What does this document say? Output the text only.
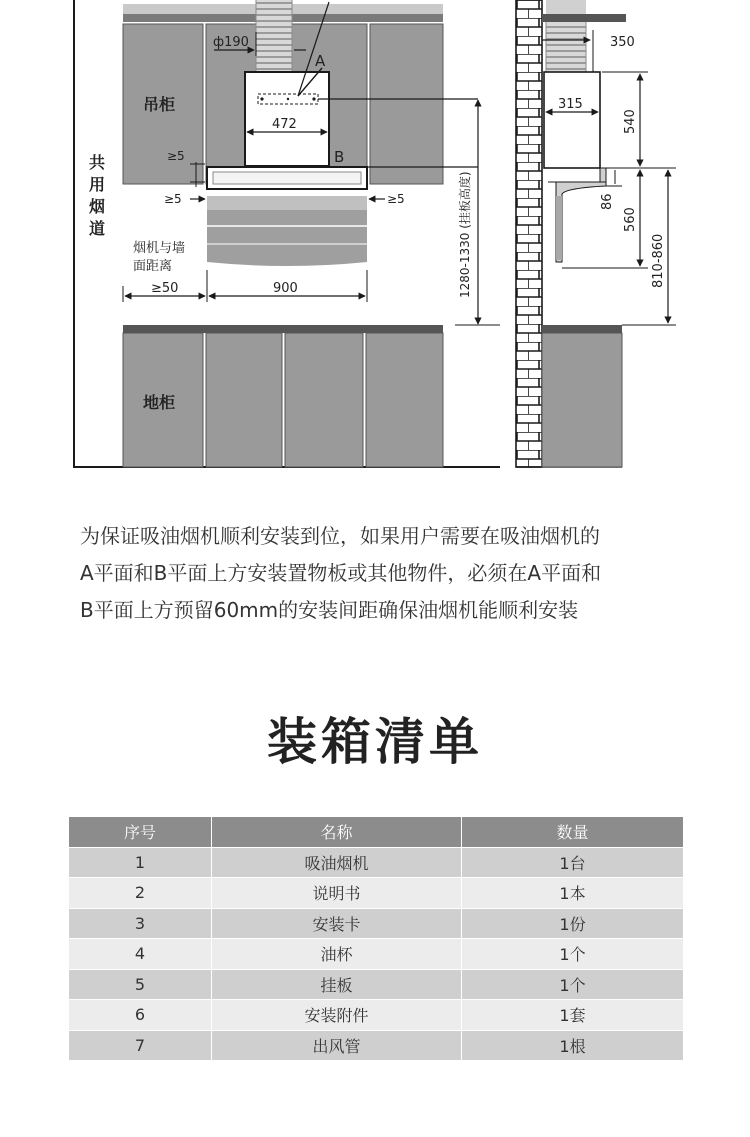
ф190
A
B
吊柜
472
≥5
≥5	≥5
烟机与墙
面距离
≥50	900
地柜
共
用
烟
道	1280-1330 (挂板高度)
350
315
540
86
560
810-860

为保证吸油烟机顺利安装到位，如果用户需要在吸油烟机的
A平面和B平面上方安装置物板或其他物件，必须在A平面和
B平面上方预留60mm的安装间距确保油烟机能顺利安装

装箱清单
序号	名称	数量
1	吸油烟机	1台
2	说明书	1本
3	安装卡	1份
4	油杯	1个
5	挂板	1个
6	安装附件	1套
7	出风管	1根
